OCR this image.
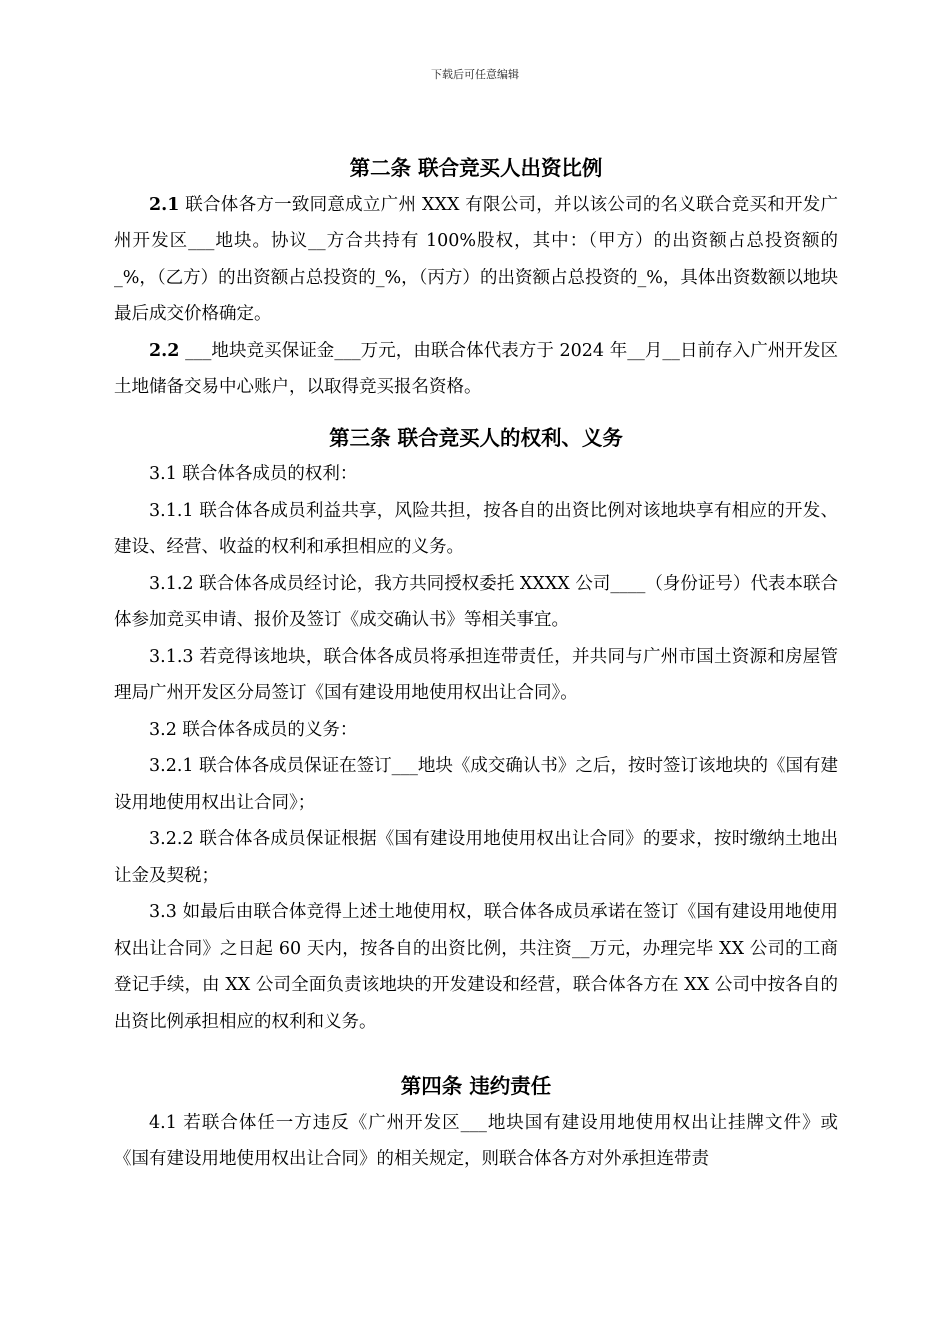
下载后可任意编辑
第二条 联合竞买人出资比例

2.1 联合体各方一致同意成立广州 XXX 有限公司，并以该公司的名义联合竞买和开发广州开发区___地块。协议__方合共持有 100%股权，其中：（甲方）的出资额占总投资额的_%，（乙方）的出资额占总投资的_%，（丙方）的出资额占总投资的_%，具体出资数额以地块最后成交价格确定。

2.2 ___地块竞买保证金___万元，由联合体代表方于 2024 年__月__日前存入广州开发区土地储备交易中心账户，以取得竞买报名资格。

第三条 联合竞买人的权利、义务

3.1 联合体各成员的权利：

3.1.1 联合体各成员利益共享，风险共担，按各自的出资比例对该地块享有相应的开发、建设、经营、收益的权利和承担相应的义务。

3.1.2 联合体各成员经讨论，我方共同授权委托 XXXX 公司____（身份证号）代表本联合体参加竞买申请、报价及签订《成交确认书》等相关事宜。

3.1.3 若竞得该地块，联合体各成员将承担连带责任，并共同与广州市国土资源和房屋管理局广州开发区分局签订《国有建设用地使用权出让合同》。

3.2 联合体各成员的义务：

3.2.1 联合体各成员保证在签订___地块《成交确认书》之后，按时签订该地块的《国有建设用地使用权出让合同》；

3.2.2 联合体各成员保证根据《国有建设用地使用权出让合同》的要求，按时缴纳土地出让金及契税；

3.3 如最后由联合体竞得上述土地使用权，联合体各成员承诺在签订《国有建设用地使用权出让合同》之日起 60 天内，按各自的出资比例，共注资__万元，办理完毕 XX 公司的工商登记手续，由 XX 公司全面负责该地块的开发建设和经营，联合体各方在 XX 公司中按各自的出资比例承担相应的权利和义务。

第四条 违约责任

4.1 若联合体任一方违反《广州开发区___地块国有建设用地使用权出让挂牌文件》或《国有建设用地使用权出让合同》的相关规定，则联合体各方对外承担连带责
